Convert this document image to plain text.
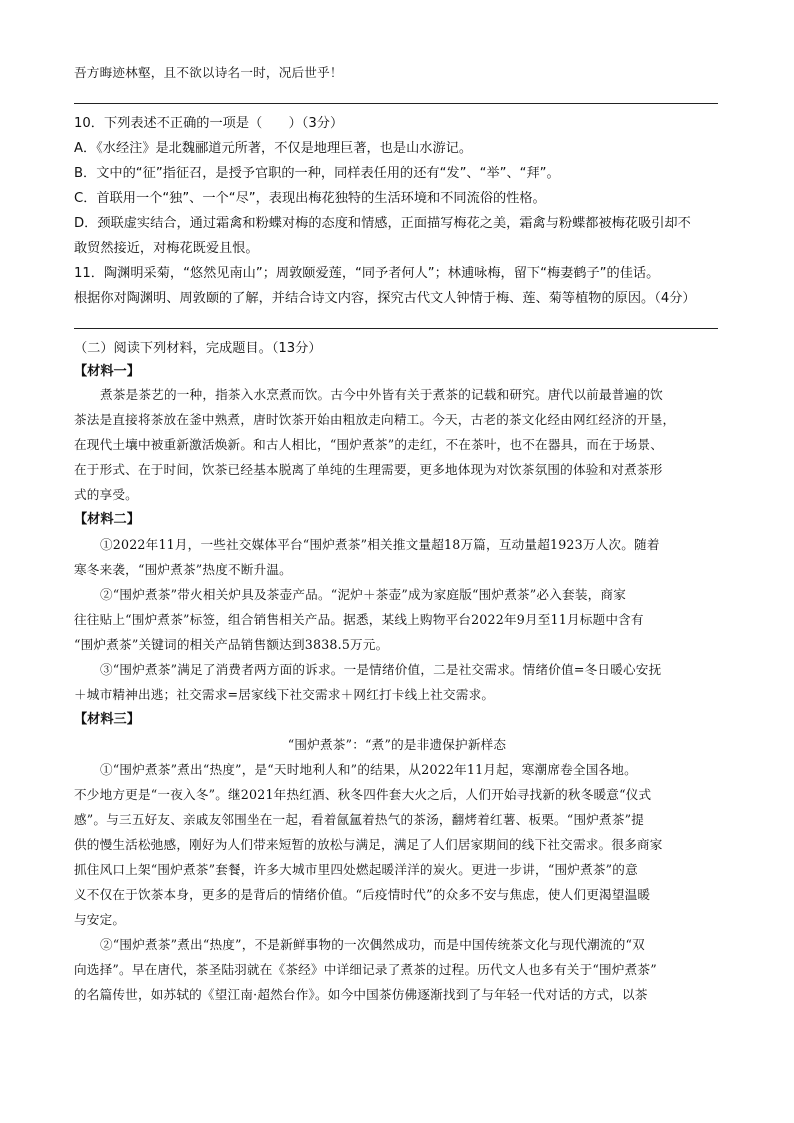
吾方晦迹林壑，且不欲以诗名一时，况后世乎！
10．下列表述不正确的一项是（　　）（3分）
A．《水经注》是北魏郦道元所著，不仅是地理巨著，也是山水游记。
B．文中的“征”指征召，是授予官职的一种，同样表任用的还有“发”、“举”、“拜”。
C．首联用一个“独”、一个“尽”，表现出梅花独特的生活环境和不同流俗的性格。
D．颈联虚实结合，通过霜禽和粉蝶对梅的态度和情感，正面描写梅花之美，霜禽与粉蝶都被梅花吸引却不
敢贸然接近，对梅花既爱且恨。
11．陶渊明采菊，“悠然见南山”；周敦颐爱莲，“同予者何人”；林逋咏梅，留下“梅妻鹤子”的佳话。
根据你对陶渊明、周敦颐的了解，并结合诗文内容，探究古代文人钟情于梅、莲、菊等植物的原因。（4分）
（二）阅读下列材料，完成题目。（13分）
【材料一】
煮茶是茶艺的一种，指茶入水烹煮而饮。古今中外皆有关于煮茶的记载和研究。唐代以前最普遍的饮
茶法是直接将茶放在釜中熟煮，唐时饮茶开始由粗放走向精工。今天，古老的茶文化经由网红经济的开垦，
在现代土壤中被重新激活焕新。和古人相比，“围炉煮茶”的走红，不在茶叶，也不在器具，而在于场景、
在于形式、在于时间，饮茶已经基本脱离了单纯的生理需要，更多地体现为对饮茶氛围的体验和对煮茶形
式的享受。
【材料二】
①2022年11月，一些社交媒体平台“围炉煮茶”相关推文量超18万篇，互动量超1923万人次。随着
寒冬来袭，“围炉煮茶”热度不断升温。
②“围炉煮茶”带火相关炉具及茶壶产品。“泥炉＋茶壶”成为家庭版“围炉煮茶”必入套装，商家
往往贴上“围炉煮茶”标签，组合销售相关产品。据悉，某线上购物平台2022年9月至11月标题中含有
“围炉煮茶”关键词的相关产品销售额达到3838.5万元。
③“围炉煮茶”满足了消费者两方面的诉求。一是情绪价值，二是社交需求。情绪价值=冬日暖心安抚
＋城市精神出逃；社交需求=居家线下社交需求＋网红打卡线上社交需求。
【材料三】
“围炉煮茶”：“煮”的是非遗保护新样态
①“围炉煮茶”煮出“热度”，是“天时地利人和”的结果，从2022年11月起，寒潮席卷全国各地。
不少地方更是“一夜入冬”。继2021年热红酒、秋冬四件套大火之后，人们开始寻找新的秋冬暖意“仪式
感”。与三五好友、亲戚友邻围坐在一起，看着氤氲着热气的茶汤，翻烤着红薯、板栗。“围炉煮茶”提
供的慢生活松弛感，刚好为人们带来短暂的放松与满足，满足了人们居家期间的线下社交需求。很多商家
抓住风口上架“围炉煮茶”套餐，许多大城市里四处燃起暖洋洋的炭火。更进一步讲，“围炉煮茶”的意
义不仅在于饮茶本身，更多的是背后的情绪价值。“后疫情时代”的众多不安与焦虑，使人们更渴望温暖
与安定。
②“围炉煮茶”煮出“热度”，不是新鲜事物的一次偶然成功，而是中国传统茶文化与现代潮流的“双
向选择”。早在唐代，茶圣陆羽就在《茶经》中详细记录了煮茶的过程。历代文人也多有关于“围炉煮茶”
的名篇传世，如苏轼的《望江南·超然台作》。如今中国茶仿佛逐渐找到了与年轻一代对话的方式，以茶
